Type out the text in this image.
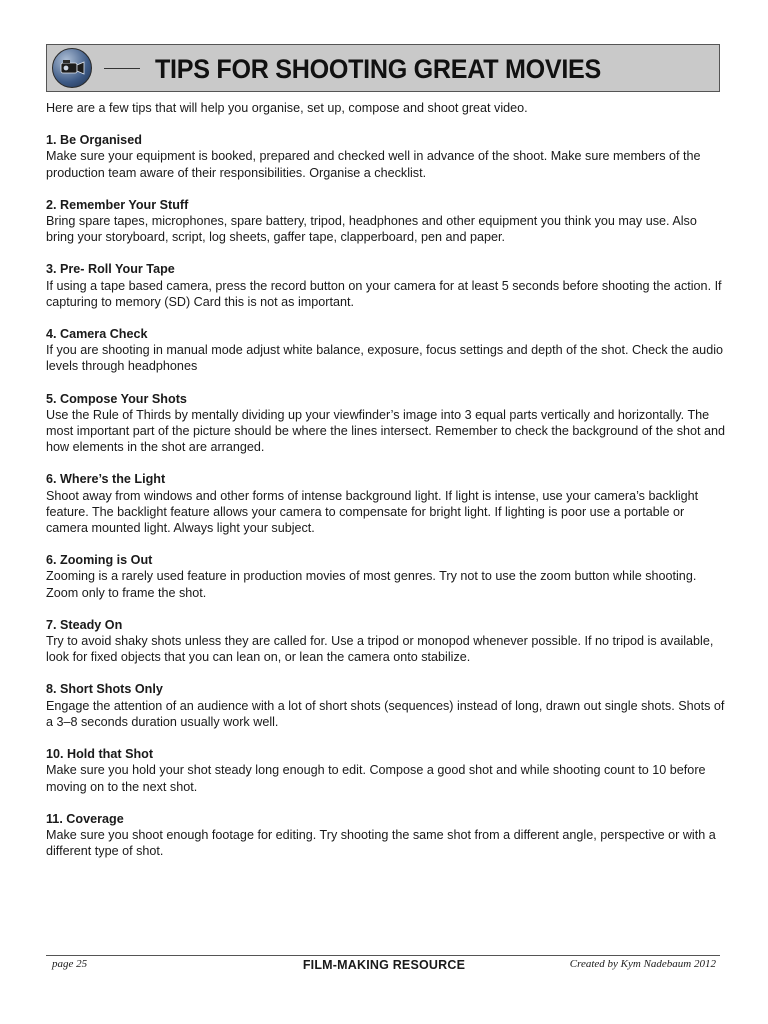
TIPS FOR SHOOTING GREAT MOVIES

Here are a few tips that will help you organise, set up, compose and shoot great video.

1. Be Organised
Make sure your equipment is booked, prepared and checked well in advance of the shoot. Make sure members of the production team aware of their responsibilities. Organise a checklist.
2. Remember Your Stuff
Bring spare tapes, microphones, spare battery, tripod, headphones and other equipment you think you may use. Also bring your storyboard, script, log sheets, gaffer tape, clapperboard, pen and paper.
3. Pre- Roll Your Tape
If using a tape based camera, press the record button on your camera for at least 5 seconds before shooting the action. If capturing to memory (SD) Card this is not as important.
4. Camera Check
If you are shooting in manual mode adjust white balance, exposure, focus settings and depth of the shot. Check the audio levels through headphones
5. Compose Your Shots
Use the Rule of Thirds by mentally dividing up your viewfinder’s image into 3 equal parts vertically and horizontally. The most important part of the picture should be where the lines intersect. Remember to check the background of the shot and how elements in the shot are arranged.
6. Where’s the Light
Shoot away from windows and other forms of intense background light. If light is intense, use your camera’s backlight feature. The backlight feature allows your camera to compensate for bright light. If lighting is poor use a portable or camera mounted light. Always light your subject.
6. Zooming is Out
Zooming is a rarely used feature in production movies of most genres. Try not to use the zoom button while shooting. Zoom only to frame the shot.
7. Steady On
Try to avoid shaky shots unless they are called for. Use a tripod or monopod whenever possible. If no tripod is available, look for fixed objects that you can lean on, or lean the camera onto stabilize.
8. Short Shots Only
Engage the attention of an audience with a lot of short shots (sequences) instead of long, drawn out single shots. Shots of a 3–8 seconds duration usually work well.
10. Hold that Shot
Make sure you hold your shot steady long enough to edit. Compose a good shot and while shooting count to 10 before moving on to the next shot.
11. Coverage
Make sure you shoot enough footage for editing. Try shooting the same shot from a different angle, perspective or with a different type of shot.
page 25	FILM-MAKING RESOURCE	Created by Kym Nadebaum 2012
